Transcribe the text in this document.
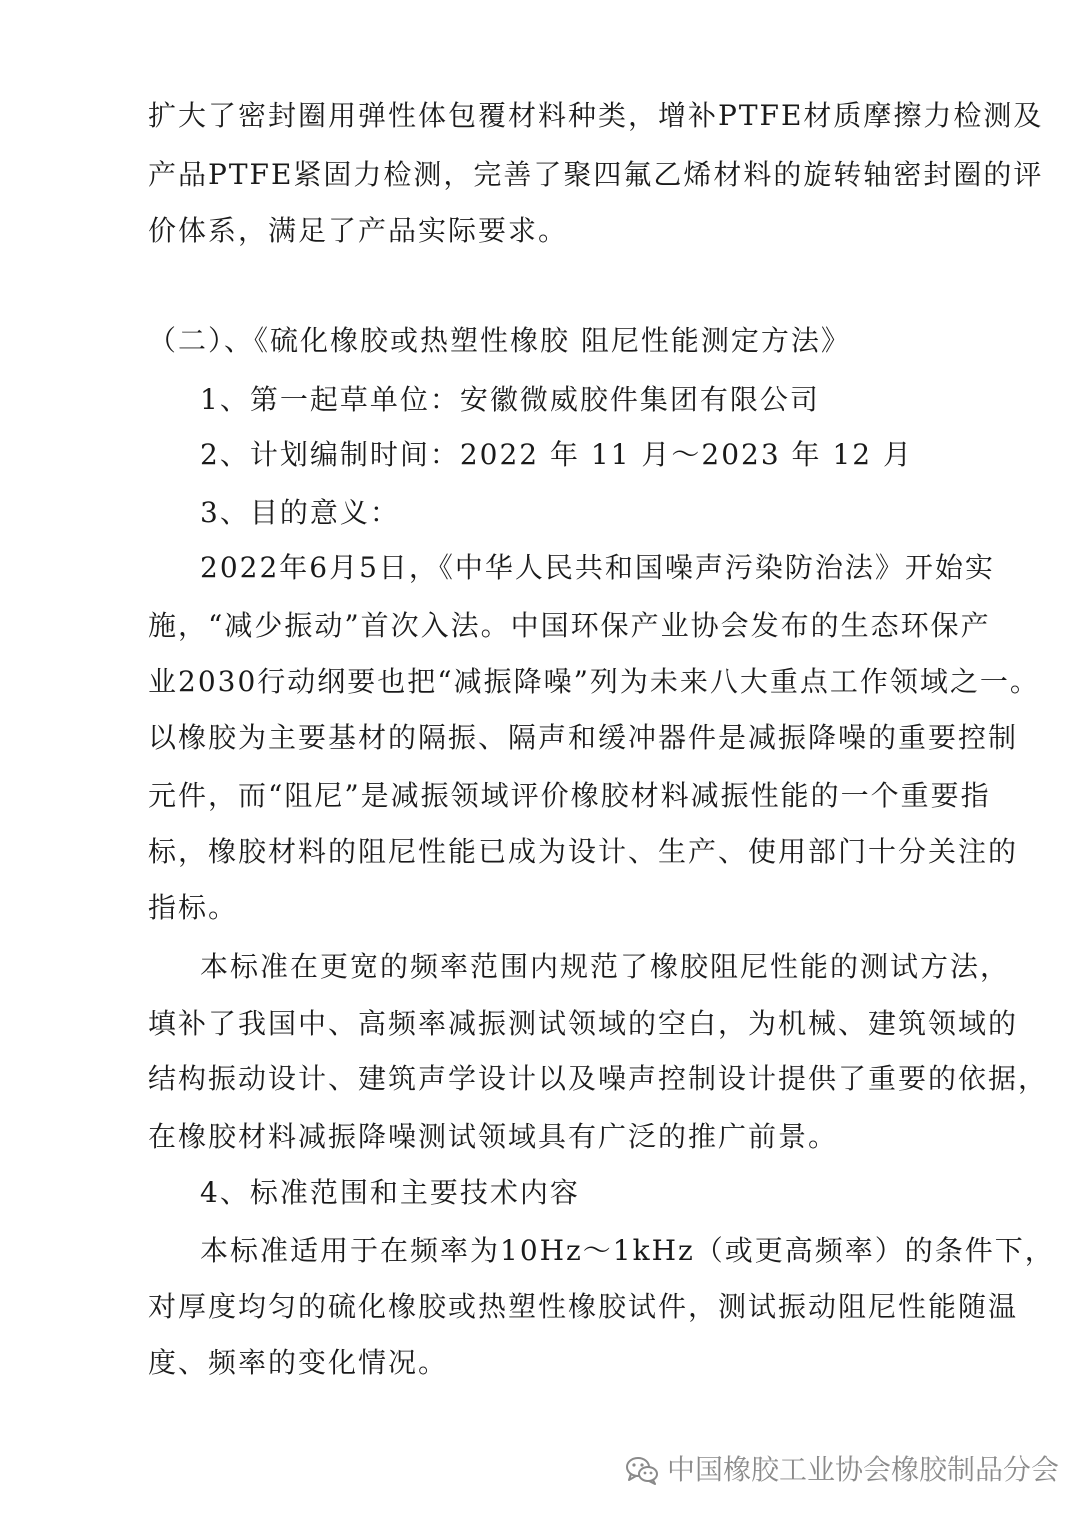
扩大了密封圈用弹性体包覆材料种类，增补PTFE材质摩擦力检测及
产品PTFE紧固力检测，完善了聚四氟乙烯材料的旋转轴密封圈的评
价体系，满足了产品实际要求。
（二）、《硫化橡胶或热塑性橡胶 阻尼性能测定方法》
1、第一起草单位：安徽微威胶件集团有限公司
2、计划编制时间：2022 年 11 月～2023 年 12 月
3、目的意义：
2022年6月5日，《中华人民共和国噪声污染防治法》开始实
施，“减少振动”首次入法。中国环保产业协会发布的生态环保产
业2030行动纲要也把“减振降噪”列为未来八大重点工作领域之一。
以橡胶为主要基材的隔振、隔声和缓冲器件是减振降噪的重要控制
元件，而“阻尼”是减振领域评价橡胶材料减振性能的一个重要指
标，橡胶材料的阻尼性能已成为设计、生产、使用部门十分关注的
指标。
本标准在更宽的频率范围内规范了橡胶阻尼性能的测试方法，
填补了我国中、高频率减振测试领域的空白，为机械、建筑领域的
结构振动设计、建筑声学设计以及噪声控制设计提供了重要的依据，
在橡胶材料减振降噪测试领域具有广泛的推广前景。
4、标准范围和主要技术内容
本标准适用于在频率为10Hz～1kHz（或更高频率）的条件下，
对厚度均匀的硫化橡胶或热塑性橡胶试件，测试振动阻尼性能随温
度、频率的变化情况。
中国橡胶工业协会橡胶制品分会
